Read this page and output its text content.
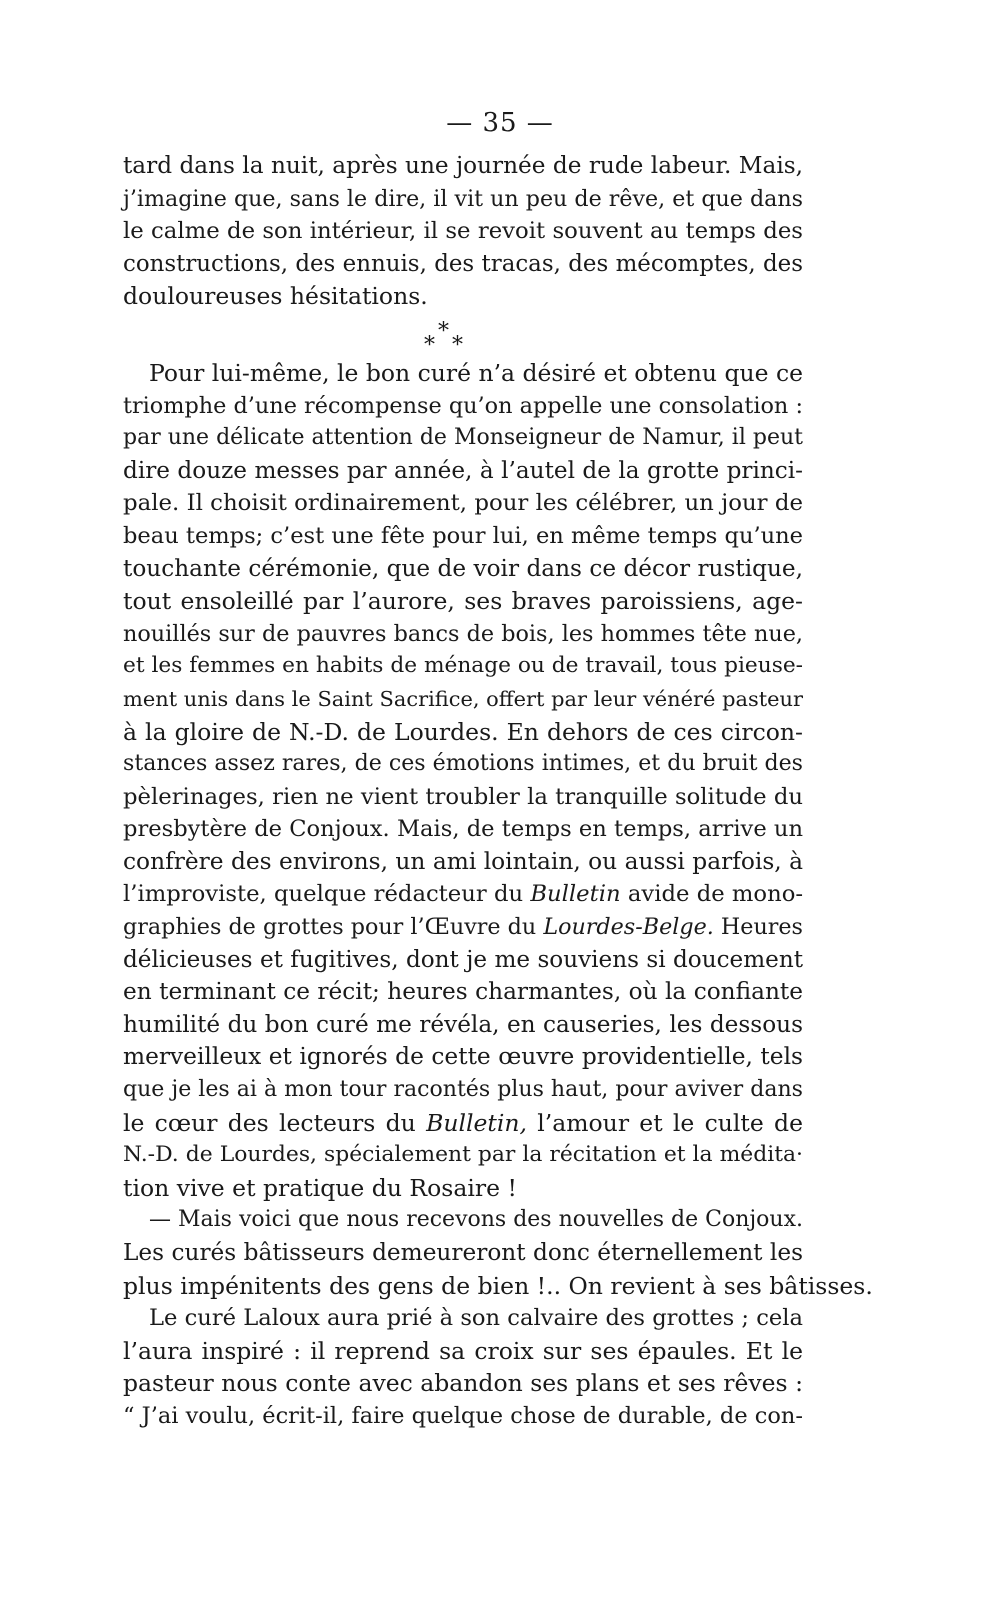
— 35 —
tard dans la nuit, après une journée de rude labeur. Mais,
j’imagine que, sans le dire, il vit un peu de rêve, et que dans
le calme de son intérieur, il se revoit souvent au temps des
constructions, des ennuis, des tracas, des mécomptes, des
douloureuses hésitations.
*
* *
Pour lui-même, le bon curé n’a désiré et obtenu que ce
triomphe d’une récompense qu’on appelle une consolation :
par une délicate attention de Monseigneur de Namur, il peut
dire douze messes par année, à l’autel de la grotte princi-
pale. Il choisit ordinairement, pour les célébrer, un jour de
beau temps; c’est une fête pour lui, en même temps qu’une
touchante cérémonie, que de voir dans ce décor rustique,
tout ensoleillé par l’aurore, ses braves paroissiens, age-
nouillés sur de pauvres bancs de bois, les hommes tête nue,
et les femmes en habits de ménage ou de travail, tous pieuse-
ment unis dans le Saint Sacrifice, offert par leur vénéré pasteur
à la gloire de N.-D. de Lourdes. En dehors de ces circon-
stances assez rares, de ces émotions intimes, et du bruit des
pèlerinages, rien ne vient troubler la tranquille solitude du
presbytère de Conjoux. Mais, de temps en temps, arrive un
confrère des environs, un ami lointain, ou aussi parfois, à
l’improviste, quelque rédacteur du Bulletin avide de mono-
graphies de grottes pour l’Œuvre du Lourdes-Belge. Heures
délicieuses et fugitives, dont je me souviens si doucement
en terminant ce récit; heures charmantes, où la confiante
humilité du bon curé me révéla, en causeries, les dessous
merveilleux et ignorés de cette œuvre providentielle, tels
que je les ai à mon tour racontés plus haut, pour aviver dans
le cœur des lecteurs du Bulletin, l’amour et le culte de
N.-D. de Lourdes, spécialement par la récitation et la médita·
tion vive et pratique du Rosaire !
— Mais voici que nous recevons des nouvelles de Conjoux.
Les curés bâtisseurs demeureront donc éternellement les
plus impénitents des gens de bien !.. On revient à ses bâtisses.
Le curé Laloux aura prié à son calvaire des grottes ; cela
l’aura inspiré : il reprend sa croix sur ses épaules. Et le
pasteur nous conte avec abandon ses plans et ses rêves :
“ J’ai voulu, écrit-il, faire quelque chose de durable, de con-
